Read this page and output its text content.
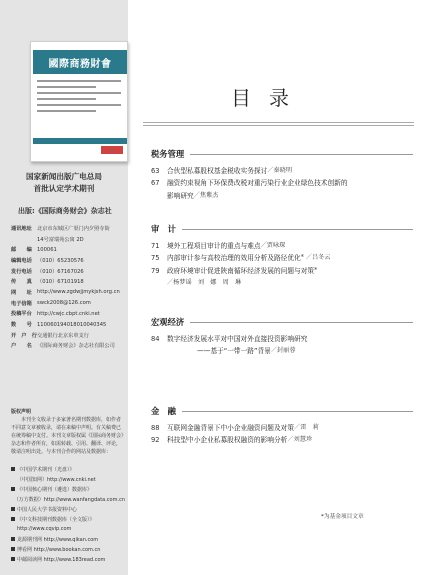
國際商務財會
国家新闻出版广电总局
首批认定学术期刊
出版:《国际商务财会》杂志社
通讯地址	北京市东城区广渠门内夕照寺街
14号富瑞苑公寓 2D
邮　　编	100061
编辑电话	（010）65230576
发行电话	（010）67167026
传　　真	（010）67101918
网　　址	http://www.zgdwjjmykjsh.org.cn
电子信箱	swck2008@126.com
投稿平台	http://cwjc.cbpt.cnki.net
数　　号	110060194018010040345
开　户　行 交通银行北京东单支行
户　　名	《国际商务财会》杂志社有限公司
版权声明

本刊全文收录于多家著名期刊数据库，如作者不同意文章被收录，请在来稿中声明。有关稿费已在统筹稿中支付。本刊文章版权属《国际商务财会》杂志和作者所有，如需转载、引用、翻译、评论，敬请注明出处。与本刊合作的网站及数据库：

《中国学术期刊（光盘）》
（中国知网）http://www.cnki.net
《中国核心期刊（遴选）数据库》
（万方数据）http://www.wanfangdata.com.cn
中国人民大学书报资料中心
《中文科技期刊数据库（全文版）》
http://www.cqvip.com
龙源期刊网 http://www.qikan.com
博看网 http://www.bookan.com.cn
中邮阅读网 http://www.183read.com
目录
税务管理
63	合伙型私募股权基金税收实务探讨 ／秦晓明
67	融资约束视角下环保费改税对重污染行业企业绿色技术创新的
影响研究 ／焦紫杰
审　计
71	境外工程项目审计的重点与难点 ／贾咏琛
75	内部审计参与高校治理的效用分析及路径优化 * ／吕冬云
79	政府环境审计促进陕南循环经济发展的问题与对策 *
／杨梦谣　刘　娜　周　琳
宏观经济
84	数字经济发展水平对中国对外直接投资影响研究
——基于“一带一路”背景 ／封丽蓉
金　融
88	互联网金融背景下中小企业融资问题及对策 ／雷　莉
92	科技型中小企业私募股权融资的影响分析 ／刘慧珍
*为基金项目文章
